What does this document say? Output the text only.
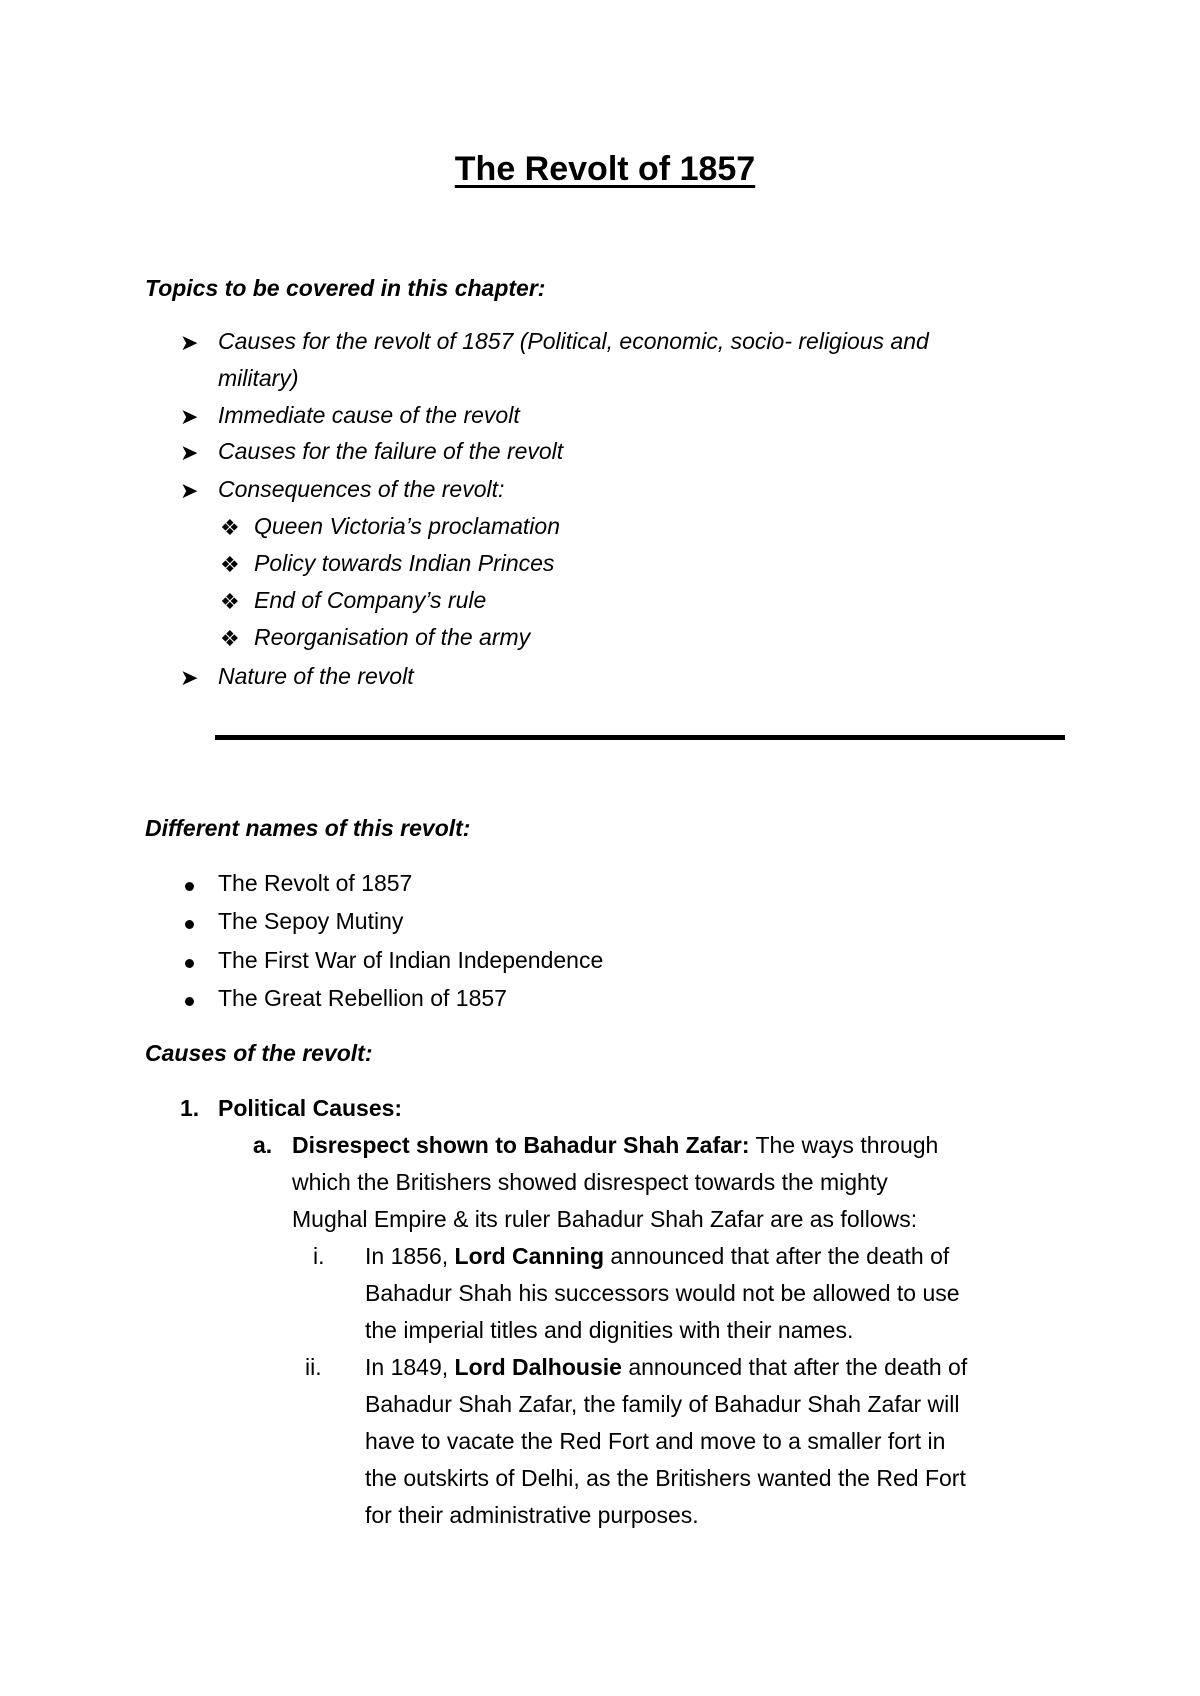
The Revolt of 1857
Topics to be covered in this chapter:
➤ Causes for the revolt of 1857 (Political, economic, socio- religious and
military)
➤ Immediate cause of the revolt
➤ Causes for the failure of the revolt
➤ Consequences of the revolt:
❖ Queen Victoria’s proclamation
❖ Policy towards Indian Princes
❖ End of Company’s rule
❖ Reorganisation of the army
➤ Nature of the revolt
Different names of this revolt:
The Revolt of 1857
The Sepoy Mutiny
The First War of Indian Independence
The Great Rebellion of 1857
Causes of the revolt:
1. Political Causes:
a. Disrespect shown to Bahadur Shah Zafar: The ways through
which the Britishers showed disrespect towards the mighty
Mughal Empire & its ruler Bahadur Shah Zafar are as follows:
i. In 1856, Lord Canning announced that after the death of
Bahadur Shah his successors would not be allowed to use
the imperial titles and dignities with their names.
ii. In 1849, Lord Dalhousie announced that after the death of
Bahadur Shah Zafar, the family of Bahadur Shah Zafar will
have to vacate the Red Fort and move to a smaller fort in
the outskirts of Delhi, as the Britishers wanted the Red Fort
for their administrative purposes.
